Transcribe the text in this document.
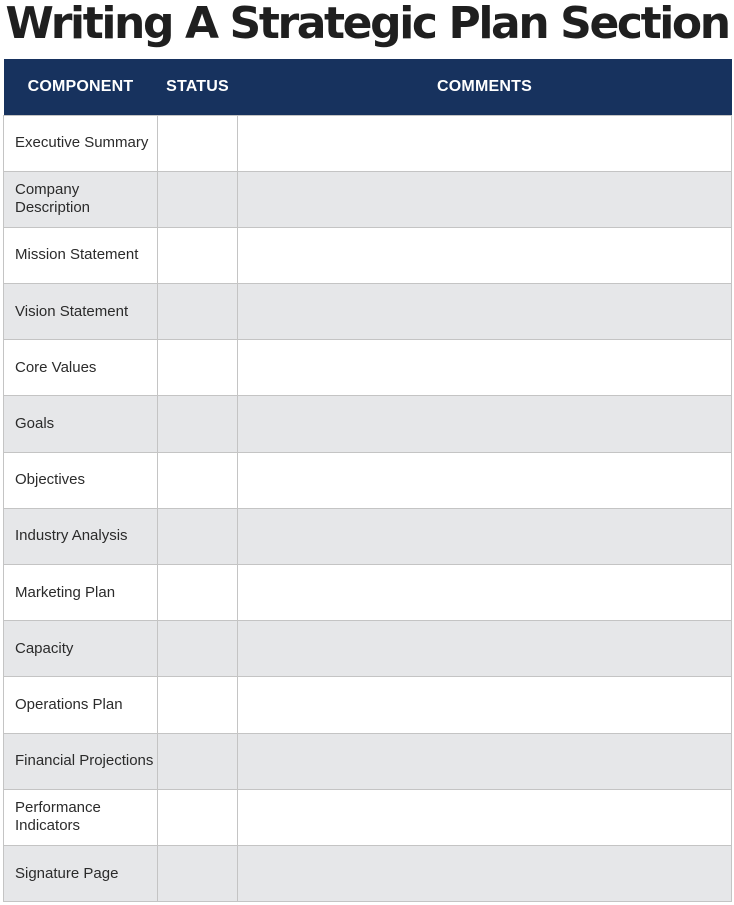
Writing A Strategic Plan Section
COMPONENT	STATUS	COMMENTS
Executive Summary		
Company Description		
Mission Statement		
Vision Statement		
Core Values		
Goals		
Objectives		
Industry Analysis		
Marketing Plan		
Capacity		
Operations Plan		
Financial Projections		
Performance Indicators		
Signature Page		
